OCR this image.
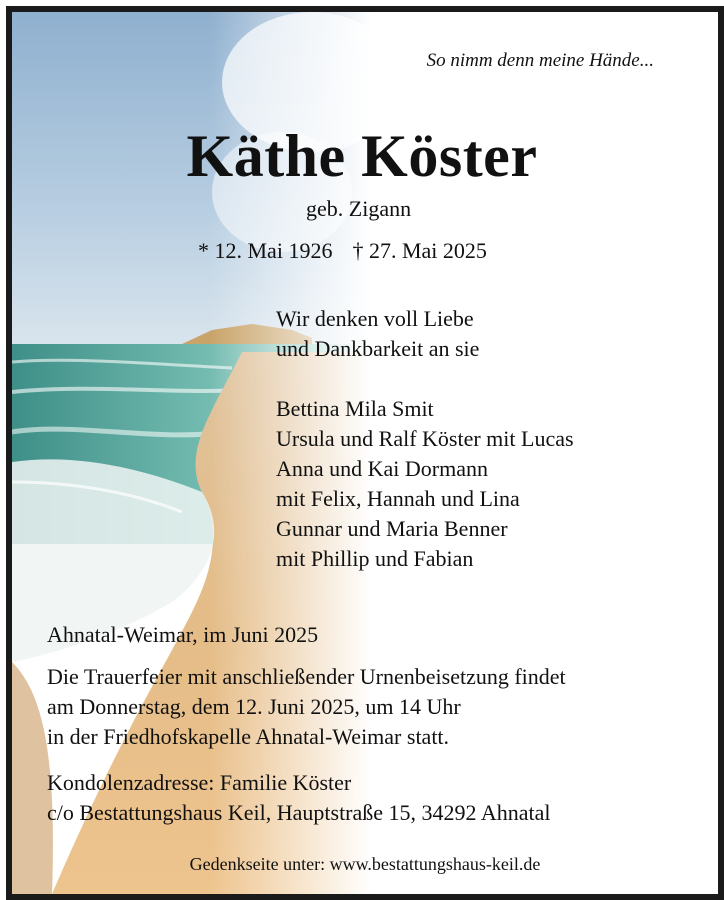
So nimm denn meine Hände...
Käthe Köster
geb. Zigann
* 12. Mai 1926 † 27. Mai 2025
Wir denken voll Liebe
und Dankbarkeit an sie
Bettina Mila Smit
Ursula und Ralf Köster mit Lucas
Anna und Kai Dormann
mit Felix, Hannah und Lina
Gunnar und Maria Benner
mit Phillip und Fabian
Ahnatal-Weimar, im Juni 2025
Die Trauerfeier mit anschließender Urnenbeisetzung findet
am Donnerstag, dem 12. Juni 2025, um 14 Uhr
in der Friedhofskapelle Ahnatal-Weimar statt.
Kondolenzadresse: Familie Köster
c/o Bestattungshaus Keil, Hauptstraße 15, 34292 Ahnatal
Gedenkseite unter: www.bestattungshaus-keil.de
